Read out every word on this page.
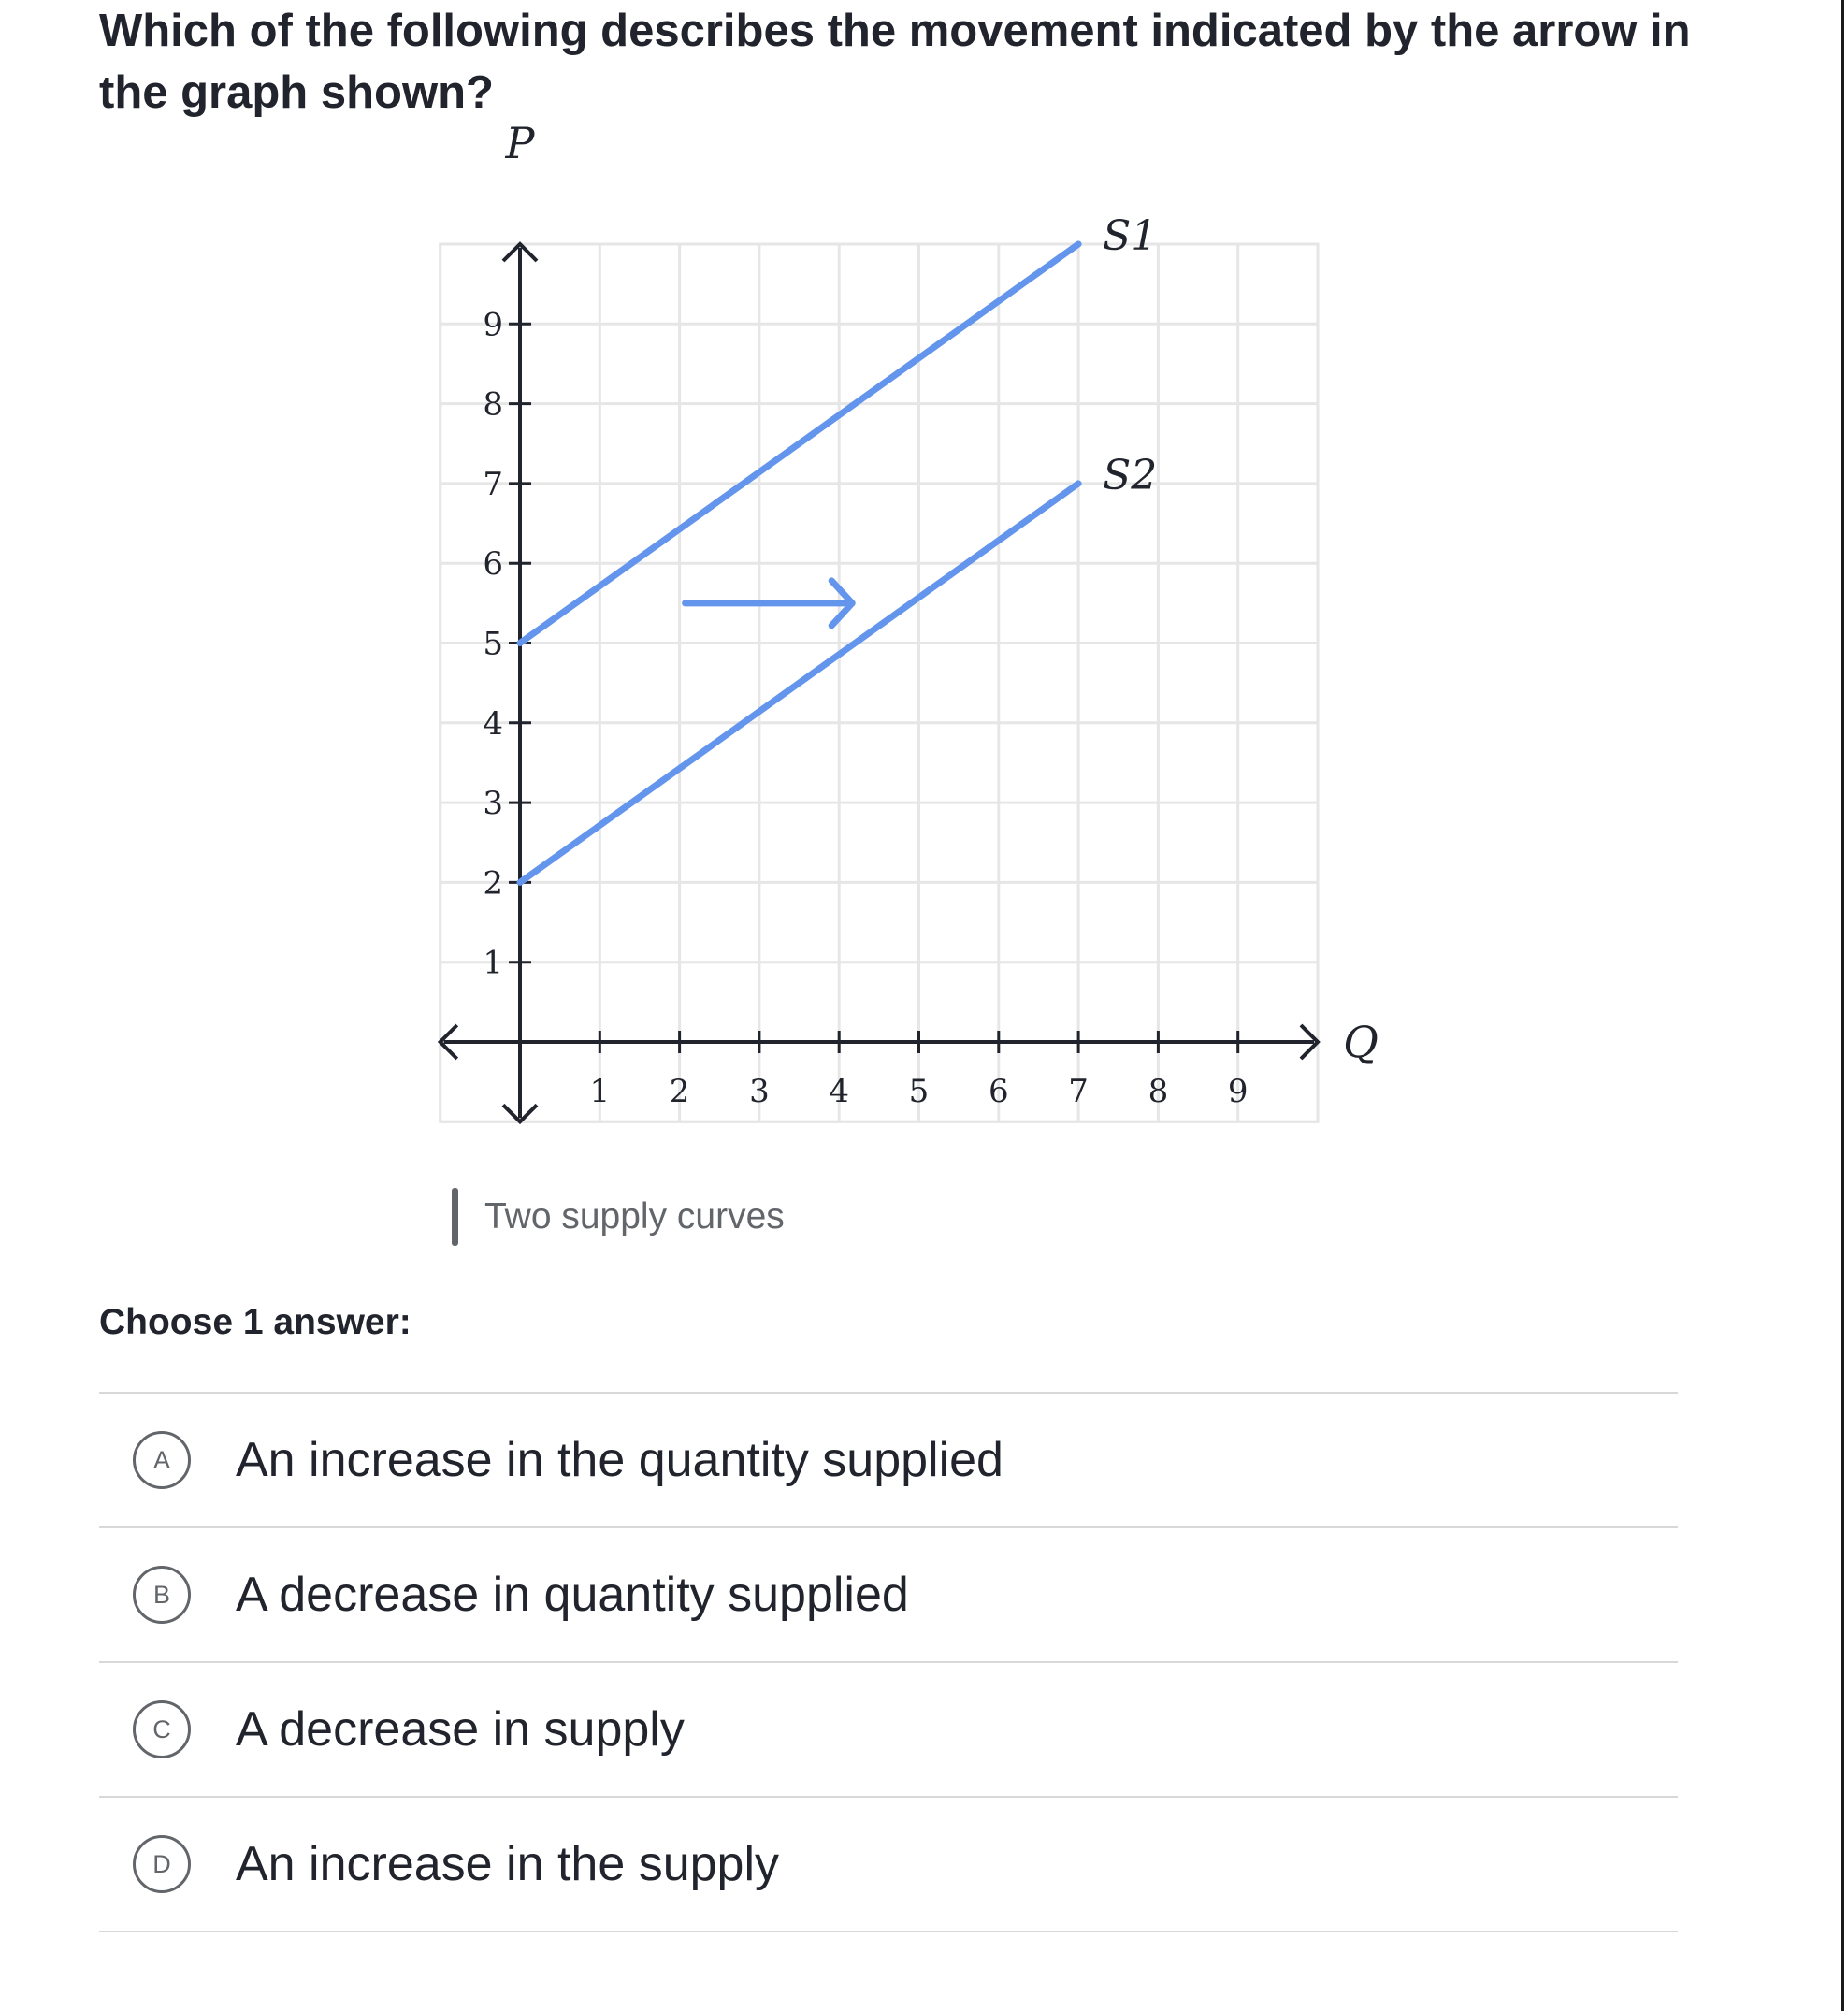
Which of the following describes the movement indicated by the arrow in the graph shown?

1 2 3 4 5 6 7 8 9
1
2
3
4
5
6
7
8
9
P
Q
S1
S2
Two supply curves
Choose 1 answer:
A	An increase in the quantity supplied
B	A decrease in quantity supplied
C	A decrease in supply
D	An increase in the supply
